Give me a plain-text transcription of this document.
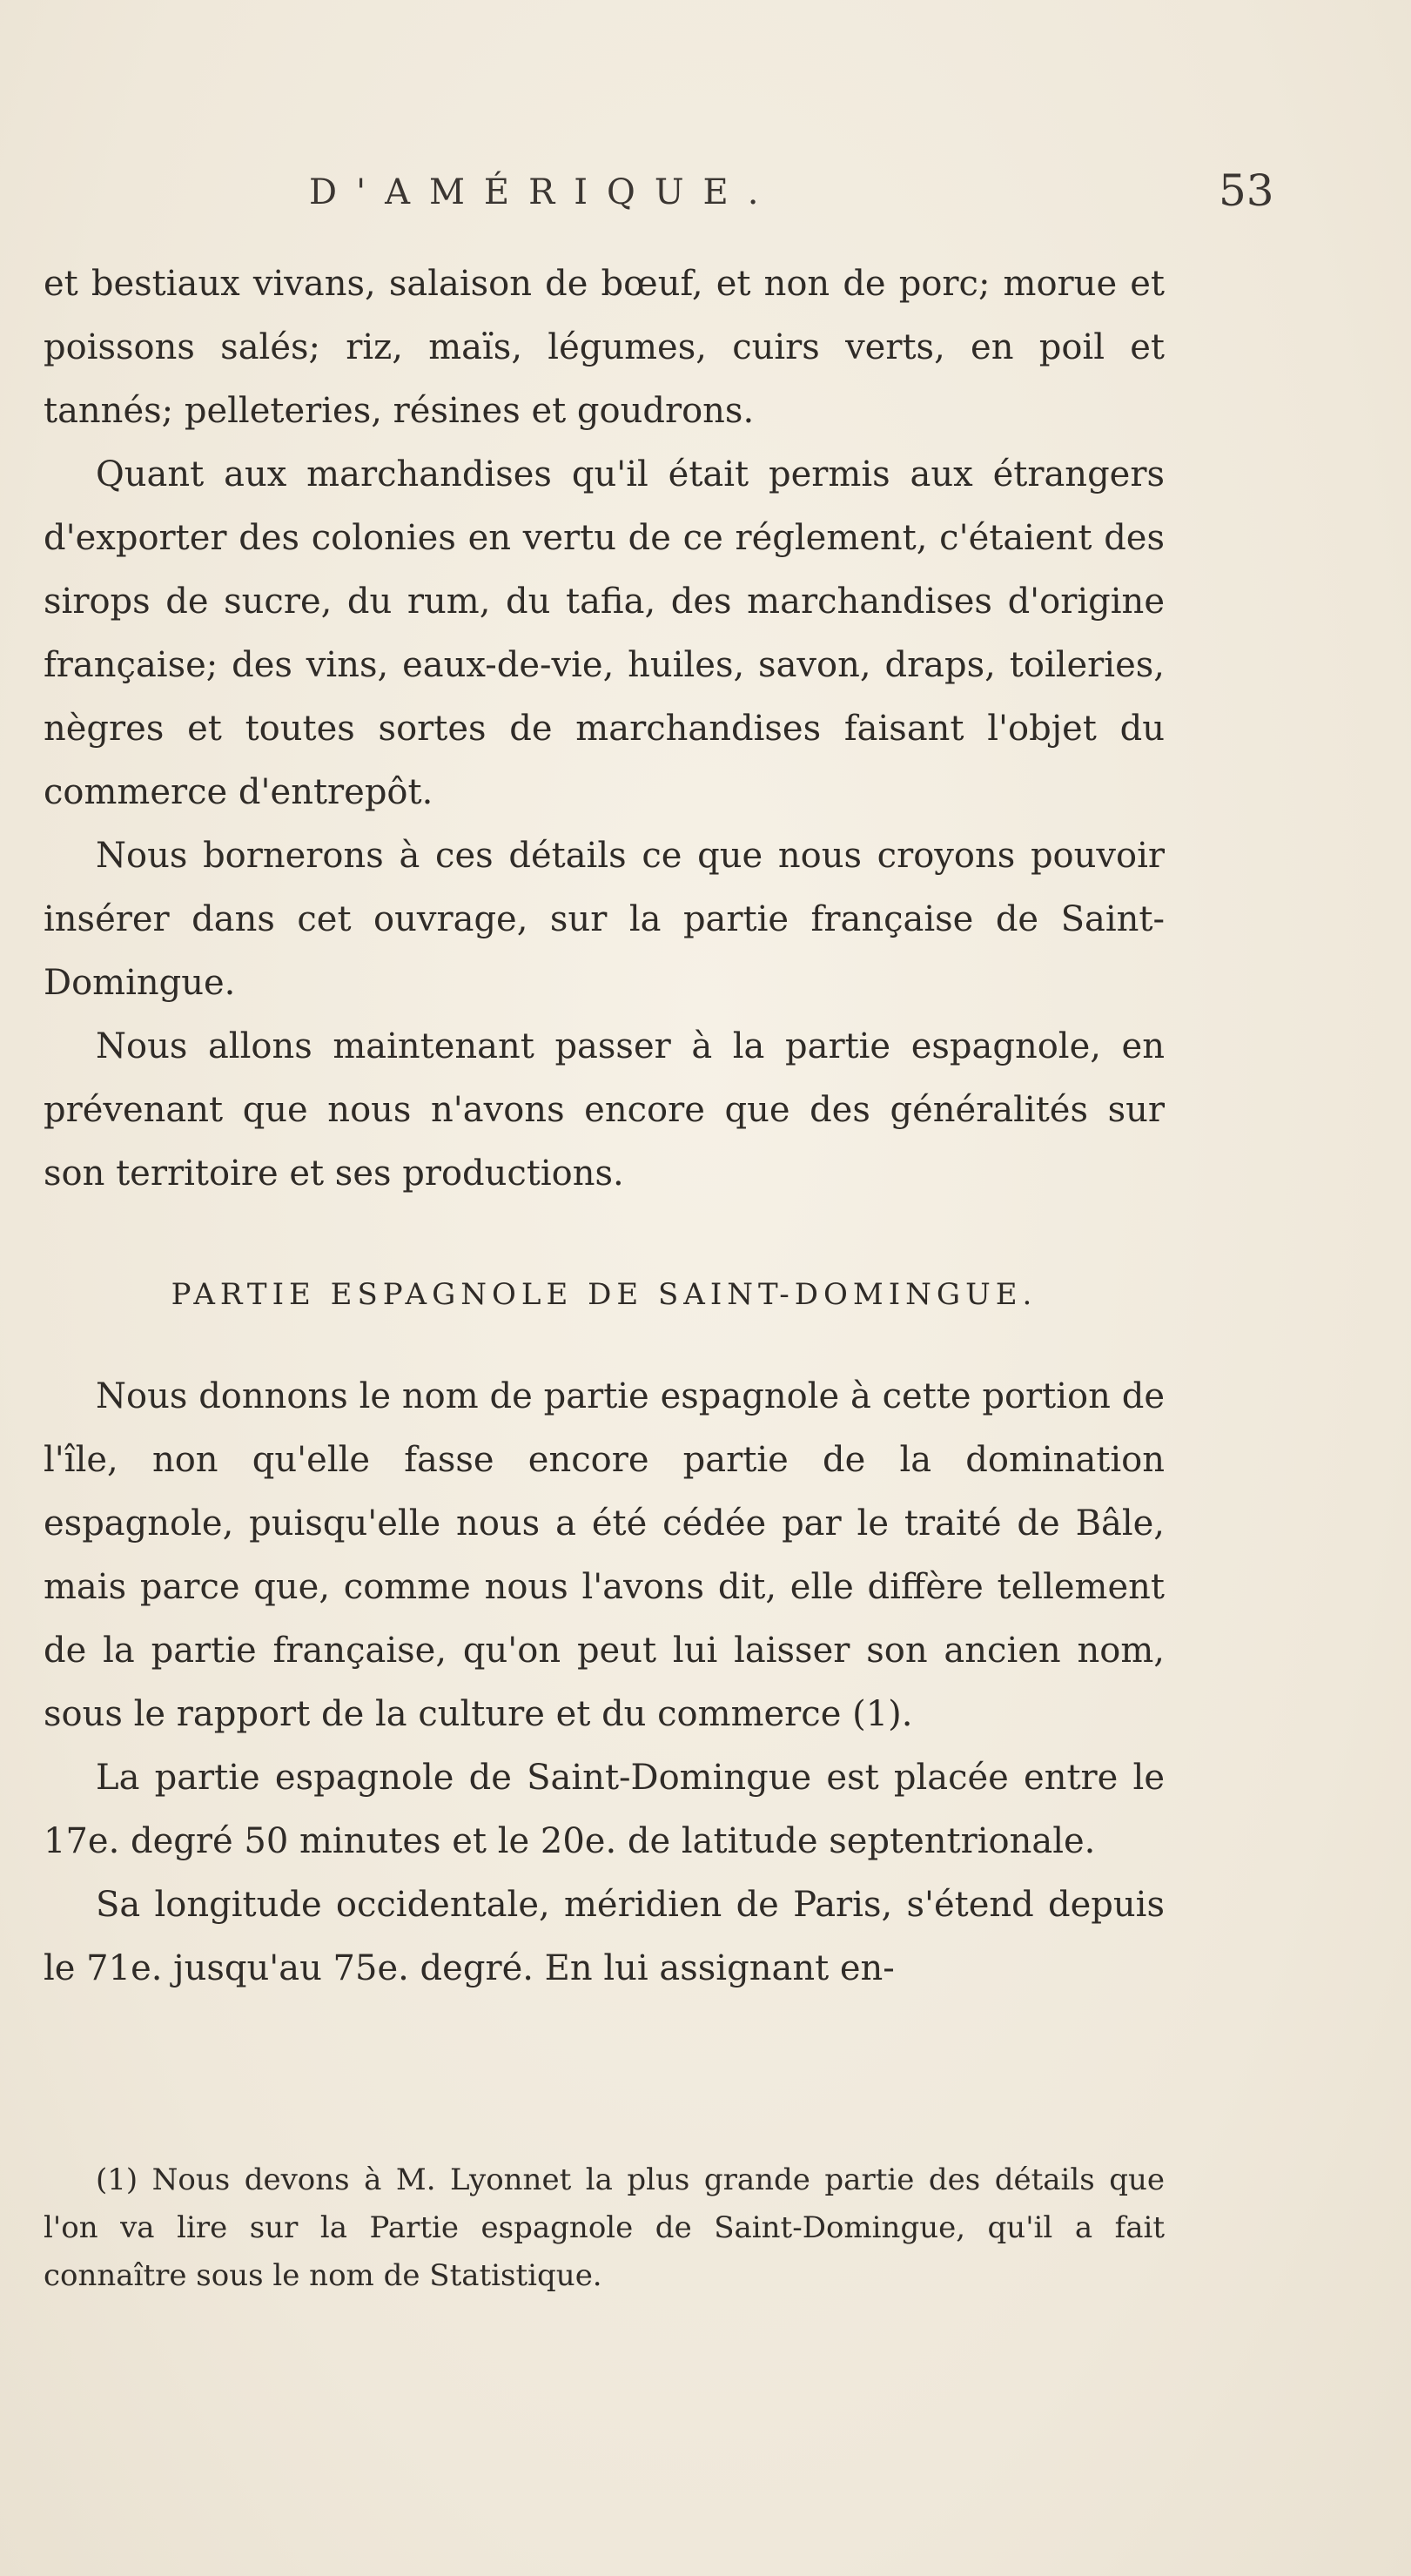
D'AMÉRIQUE.	53

et bestiaux vivans, salaison de bœuf, et non de porc; morue et poissons salés; riz, maïs, légumes, cuirs verts, en poil et tannés; pelleteries, résines et goudrons.

Quant aux marchandises qu'il était permis aux étrangers d'exporter des colonies en vertu de ce réglement, c'étaient des sirops de sucre, du rum, du tafia, des marchandises d'origine française; des vins, eaux-de-vie, huiles, savon, draps, toileries, nègres et toutes sortes de marchandises faisant l'objet du commerce d'entrepôt.

Nous bornerons à ces détails ce que nous croyons pouvoir insérer dans cet ouvrage, sur la partie française de Saint-Domingue.

Nous allons maintenant passer à la partie espagnole, en prévenant que nous n'avons encore que des généralités sur son territoire et ses productions.

PARTIE ESPAGNOLE DE SAINT-DOMINGUE.

Nous donnons le nom de partie espagnole à cette portion de l'île, non qu'elle fasse encore partie de la domination espagnole, puisqu'elle nous a été cédée par le traité de Bâle, mais parce que, comme nous l'avons dit, elle diffère tellement de la partie française, qu'on peut lui laisser son ancien nom, sous le rapport de la culture et du commerce (1).

La partie espagnole de Saint-Domingue est placée entre le 17e. degré 50 minutes et le 20e. de latitude septentrionale.

Sa longitude occidentale, méridien de Paris, s'étend depuis le 71e. jusqu'au 75e. degré. En lui assignant en-

(1) Nous devons à M. Lyonnet la plus grande partie des détails que l'on va lire sur la Partie espagnole de Saint-Domingue, qu'il a fait connaître sous le nom de Statistique.
